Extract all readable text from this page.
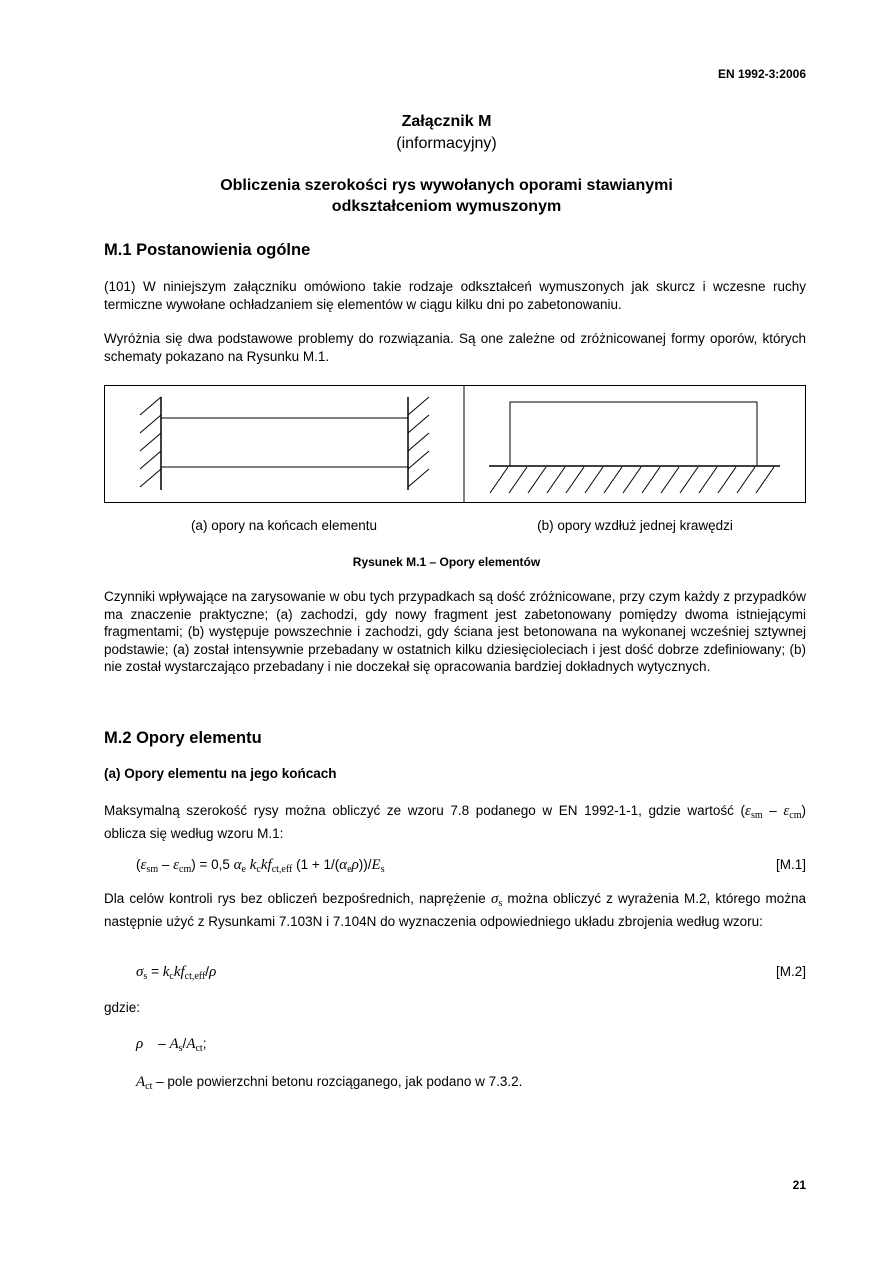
EN 1992-3:2006
Załącznik M
(informacyjny)
Obliczenia szerokości rys wywołanych oporami stawianymi odkształceniom wymuszonym
M.1 Postanowienia ogólne
(101) W niniejszym załączniku omówiono takie rodzaje odkształceń wymuszonych jak skurcz i wczesne ruchy termiczne wywołane ochładzaniem się elementów w ciągu kilku dni po zabetonowaniu.
Wyróżnia się dwa podstawowe problemy do rozwiązania. Są one zależne od zróżnicowanej formy oporów, których schematy pokazano na Rysunku M.1.
(a) opory na końcach elementu	(b) opory wzdłuż jednej krawędzi
Rysunek M.1 – Opory elementów
Czynniki wpływające na zarysowanie w obu tych przypadkach są dość zróżnicowane, przy czym każdy z przypadków ma znaczenie praktyczne; (a) zachodzi, gdy nowy fragment jest zabetonowany pomiędzy dwoma istniejącymi fragmentami; (b) występuje powszechnie i zachodzi, gdy ściana jest betonowana na wykonanej wcześniej sztywnej podstawie; (a) został intensywnie przebadany w ostatnich kilku dziesięcioleciach i jest dość dobrze zdefiniowany; (b) nie został wystarczająco przebadany i nie doczekał się opracowania bardziej dokładnych wytycznych.
M.2 Opory elementu
(a) Opory elementu na jego końcach
Maksymalną szerokość rysy można obliczyć ze wzoru 7.8 podanego w EN 1992-1-1, gdzie wartość $(\varepsilon_{sm} - \varepsilon_{cm})$ oblicza się według wzoru M.1:
$(\varepsilon_{sm} - \varepsilon_{cm}) = 0,5$ $\alpha_e$ $k_ckf_{ct,eff}$ $(1 + 1/(\alpha_e\rho))/E_s$	[M.1]
Dla celów kontroli rys bez obliczeń bezpośrednich, naprężenie $\sigma_s$ można obliczyć z wyrażenia M.2, którego można następnie użyć z Rysunkami 7.103N i 7.104N do wyznaczenia odpowiedniego układu zbrojenia według wzoru:
$\sigma_s = k_ckf_{ct,eff}/\rho$	[M.2]
gdzie:
ρ    – $A_s/A_{ct}$;
$A_{ct}$ – pole powierzchni betonu rozciąganego, jak podano w 7.3.2.
21
